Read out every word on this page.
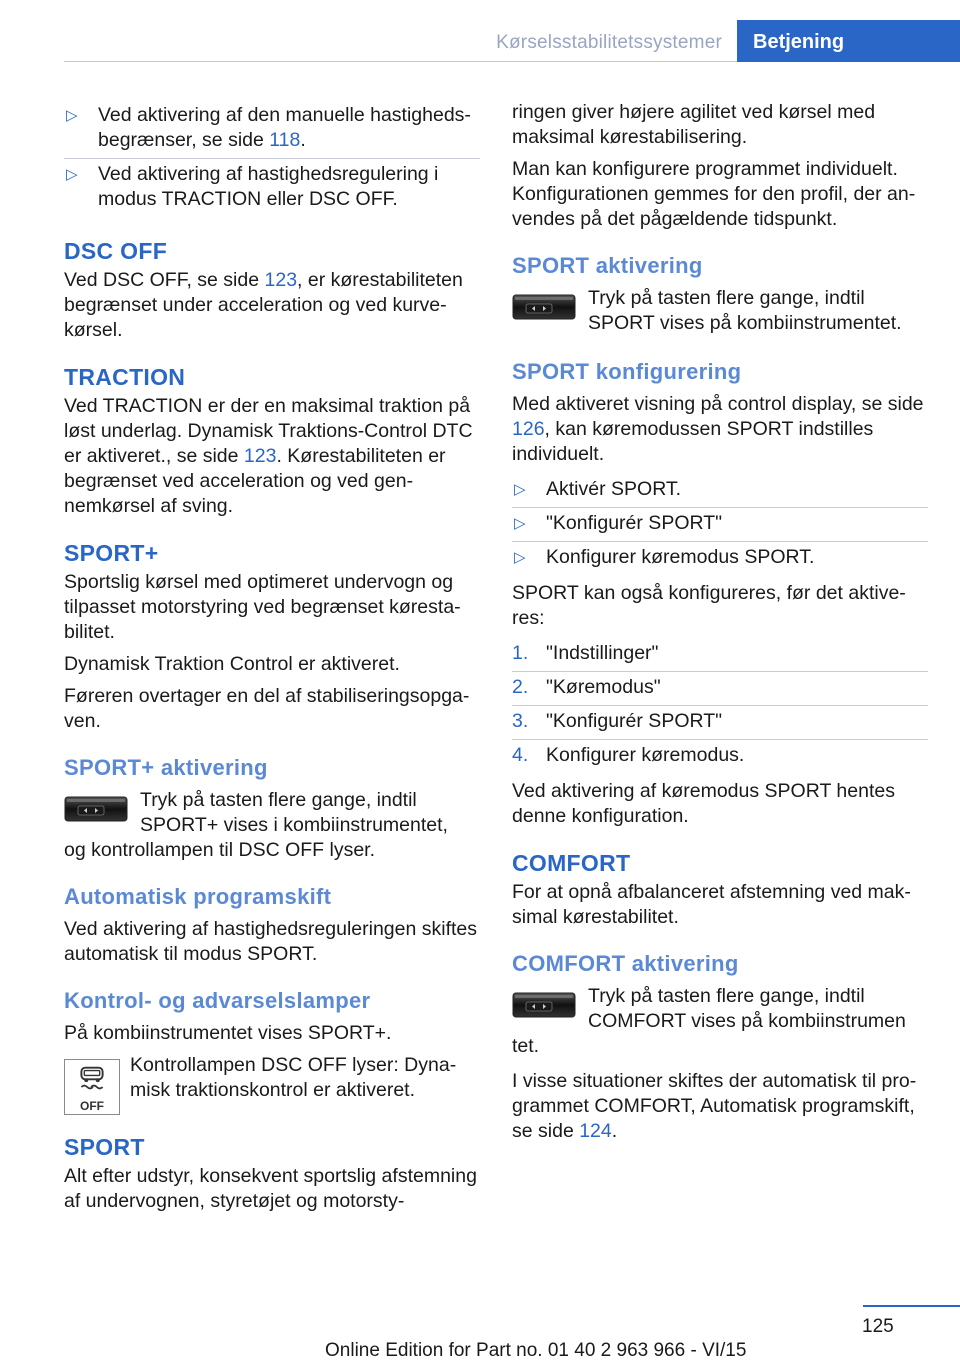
Kørselsstabilitetssystemer	Betjening
▷ Ved aktivering af den manuelle hastighedsbegrænser, se side 118.
▷ Ved aktivering af hastighedsregulering i modus TRACTION eller DSC OFF.
DSC OFF

Ved DSC OFF, se side 123, er kørestabiliteten begrænset under acceleration og ved kurvekørsel.

TRACTION

Ved TRACTION er der en maksimal traktion på løst underlag. Dynamisk Traktions-Control DTC er aktiveret., se side 123. Kørestabiliteten er begrænset ved acceleration og ved gennemkørsel af sving.

SPORT+

Sportslig kørsel med optimeret undervogn og tilpasset motorstyring ved begrænset kørestabilitet.

Dynamisk Traktion Control er aktiveret.

Føreren overtager en del af stabiliseringsopgaven.

SPORT+ aktivering
Tryk på tasten flere gange, indtil SPORT+ vises i kombiinstrumentet,
og kontrollampen til DSC OFF lyser.
Automatisk programskift

Ved aktivering af hastighedsreguleringen skiftes automatisk til modus SPORT.

Kontrol- og advarselslamper

På kombiinstrumentet vises SPORT+.

OFF
Kontrollampen DSC OFF lyser: Dynamisk traktionskontrol er aktiveret.
SPORT

Alt efter udstyr, konsekvent sportslig afstemning af undervognen, styretøjet og motorsty-

ringen giver højere agilitet ved kørsel med maksimal kørestabilisering.

Man kan konfigurere programmet individuelt. Konfigurationen gemmes for den profil, der anvendes på det pågældende tidspunkt.

SPORT aktivering
Tryk på tasten flere gange, indtil SPORT vises på kombiinstrumentet.
SPORT konfigurering

Med aktiveret visning på control display, se side 126, kan køremodussen SPORT indstilles individuelt.

▷ Aktivér SPORT.
▷ "Konfigurér SPORT"
▷ Konfigurer køremodus SPORT.

SPORT kan også konfigureres, før det aktiveres:

1. "Indstillinger"
2. "Køremodus"
3. "Konfigurér SPORT"
4. Konfigurer køremodus.

Ved aktivering af køremodus SPORT hentes denne konfiguration.

COMFORT

For at opnå afbalanceret afstemning ved maksimal kørestabilitet.

COMFORT aktivering
Tryk på tasten flere gange, indtil COMFORT vises på kombiinstrumen
tet.

I visse situationer skiftes der automatisk til programmet COMFORT, Automatisk programskift, se side 124.

125
Online Edition for Part no. 01 40 2 963 966 - VI/15
